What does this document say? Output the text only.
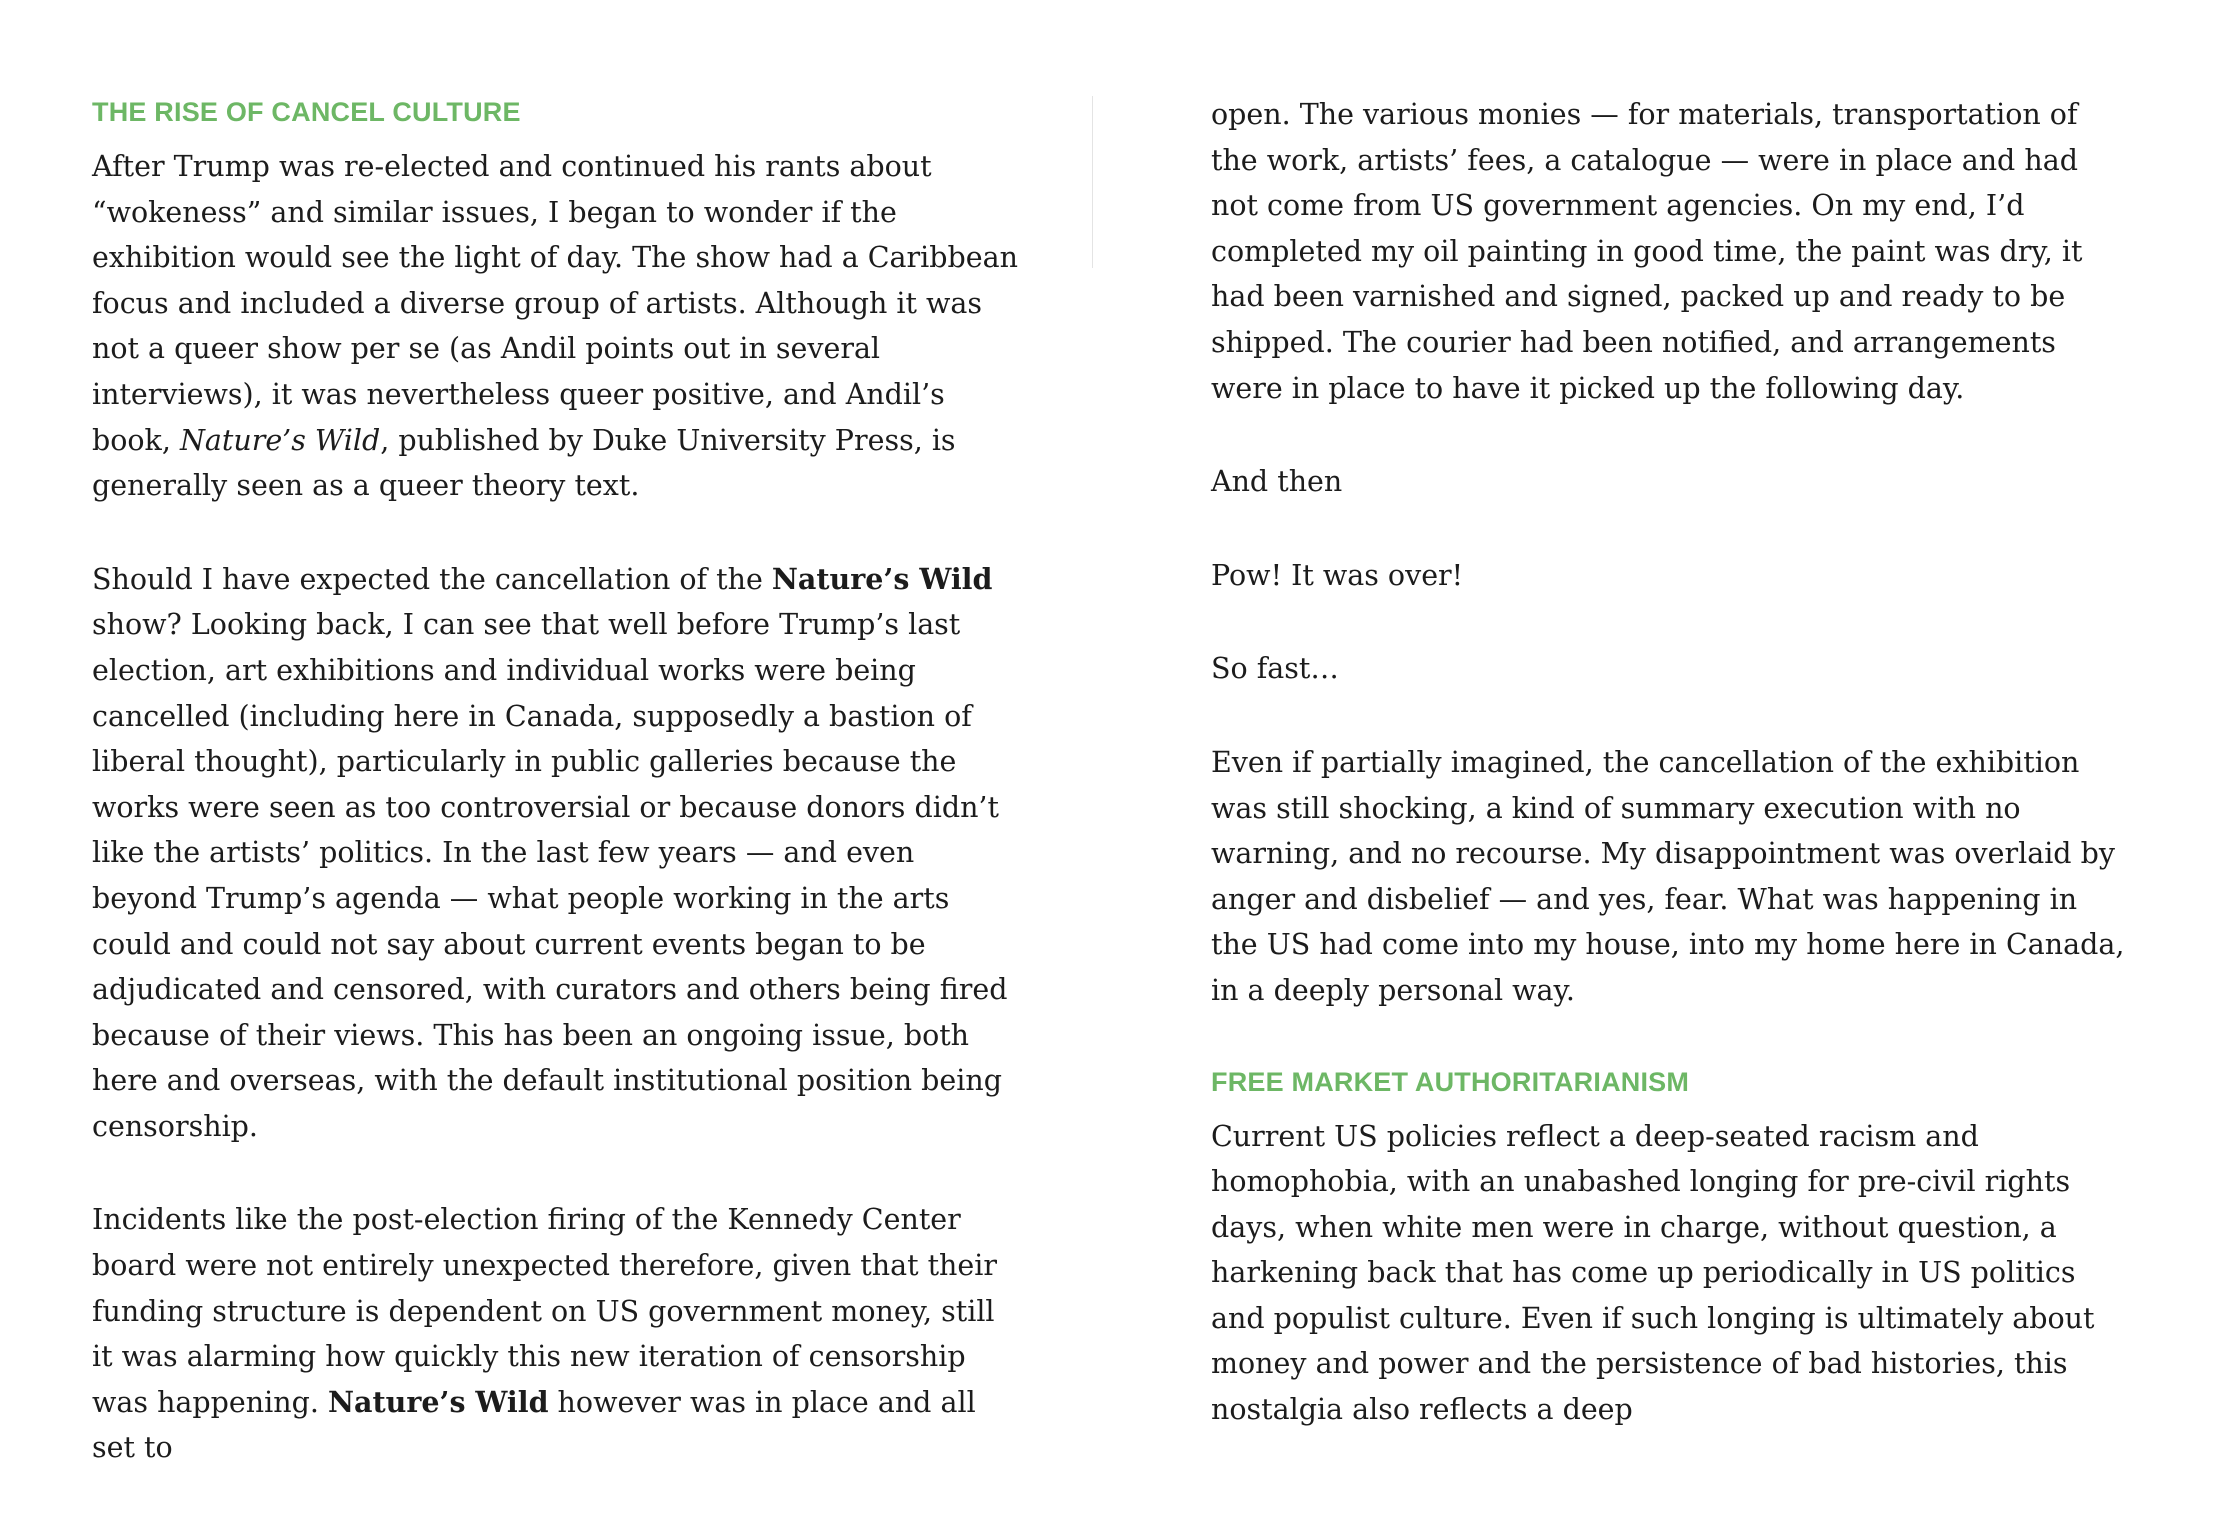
THE RISE OF CANCEL CULTURE

After Trump was re-elected and continued his rants about “wokeness” and similar issues, I began to wonder if the exhibition would see the light of day. The show had a Caribbean focus and included a diverse group of artists. Although it was not a queer show per se (as Andil points out in several interviews), it was nevertheless queer positive, and Andil’s book, Nature’s Wild, published by Duke University Press, is generally seen as a queer theory text.

Should I have expected the cancellation of the Nature’s Wild show? Looking back, I can see that well before Trump’s last election, art exhibitions and individual works were being cancelled (including here in Canada, supposedly a bastion of liberal thought), particularly in public galleries because the works were seen as too controversial or because donors didn’t like the artists’ politics. In the last few years — and even beyond Trump’s agenda — what people working in the arts could and could not say about current events began to be adjudicated and censored, with curators and others being fired because of their views. This has been an ongoing issue, both here and overseas, with the default institutional position being censorship.

Incidents like the post-election firing of the Kennedy Center board were not entirely unexpected therefore, given that their funding structure is dependent on US government money, still it was alarming how quickly this new iteration of censorship was happening. Nature’s Wild however was in place and all set to

open. The various monies — for materials, transportation of the work, artists’ fees, a catalogue — were in place and had not come from US government agencies. On my end, I’d completed my oil painting in good time, the paint was dry, it had been varnished and signed, packed up and ready to be shipped. The courier had been notified, and arrangements were in place to have it picked up the following day.

And then

Pow! It was over!

So fast…

Even if partially imagined, the cancellation of the exhibition was still shocking, a kind of summary execution with no warning, and no recourse. My disappointment was overlaid by anger and disbelief — and yes, fear. What was happening in the US had come into my house, into my home here in Canada, in a deeply personal way.

FREE MARKET AUTHORITARIANISM

Current US policies reflect a deep-seated racism and homophobia, with an unabashed longing for pre-civil rights days, when white men were in charge, without question, a harkening back that has come up periodically in US politics and populist culture. Even if such longing is ultimately about money and power and the persistence of bad histories, this nostalgia also reflects a deep
